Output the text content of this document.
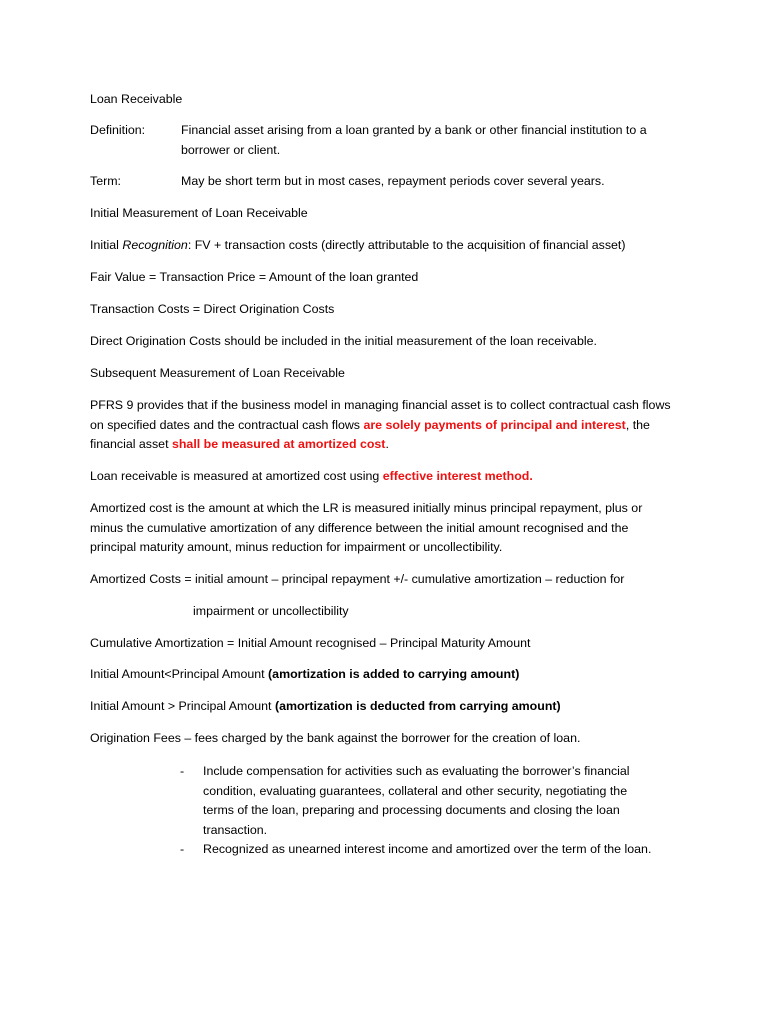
Loan Receivable

Definition:	Financial asset arising from a loan granted by a bank or other financial institution to a borrower or client.
Term:	May be short term but in most cases, repayment periods cover several years.

Initial Measurement of Loan Receivable

Initial Recognition: FV + transaction costs (directly attributable to the acquisition of financial asset)

Fair Value = Transaction Price = Amount of the loan granted

Transaction Costs = Direct Origination Costs

Direct Origination Costs should be included in the initial measurement of the loan receivable.

Subsequent Measurement of Loan Receivable

PFRS 9 provides that if the business model in managing financial asset is to collect contractual cash flows

on specified dates and the contractual cash flows are solely payments of principal and interest, the

financial asset shall be measured at amortized cost.

Loan receivable is measured at amortized cost using effective interest method.

Amortized cost is the amount at which the LR is measured initially minus principal repayment, plus or

minus the cumulative amortization of any difference between the initial amount recognised and the

principal maturity amount, minus reduction for impairment or uncollectibility.

Amortized Costs = initial amount – principal repayment +/- cumulative amortization – reduction for

impairment or uncollectibility

Cumulative Amortization = Initial Amount recognised – Principal Maturity Amount

Initial Amount<Principal Amount (amortization is added to carrying amount)

Initial Amount > Principal Amount (amortization is deducted from carrying amount)

Origination Fees – fees charged by the bank against the borrower for the creation of loan.

- Include compensation for activities such as evaluating the borrower’s financial
condition, evaluating guarantees, collateral and other security, negotiating the
terms of the loan, preparing and processing documents and closing the loan
transaction.
- Recognized as unearned interest income and amortized over the term of the loan.
